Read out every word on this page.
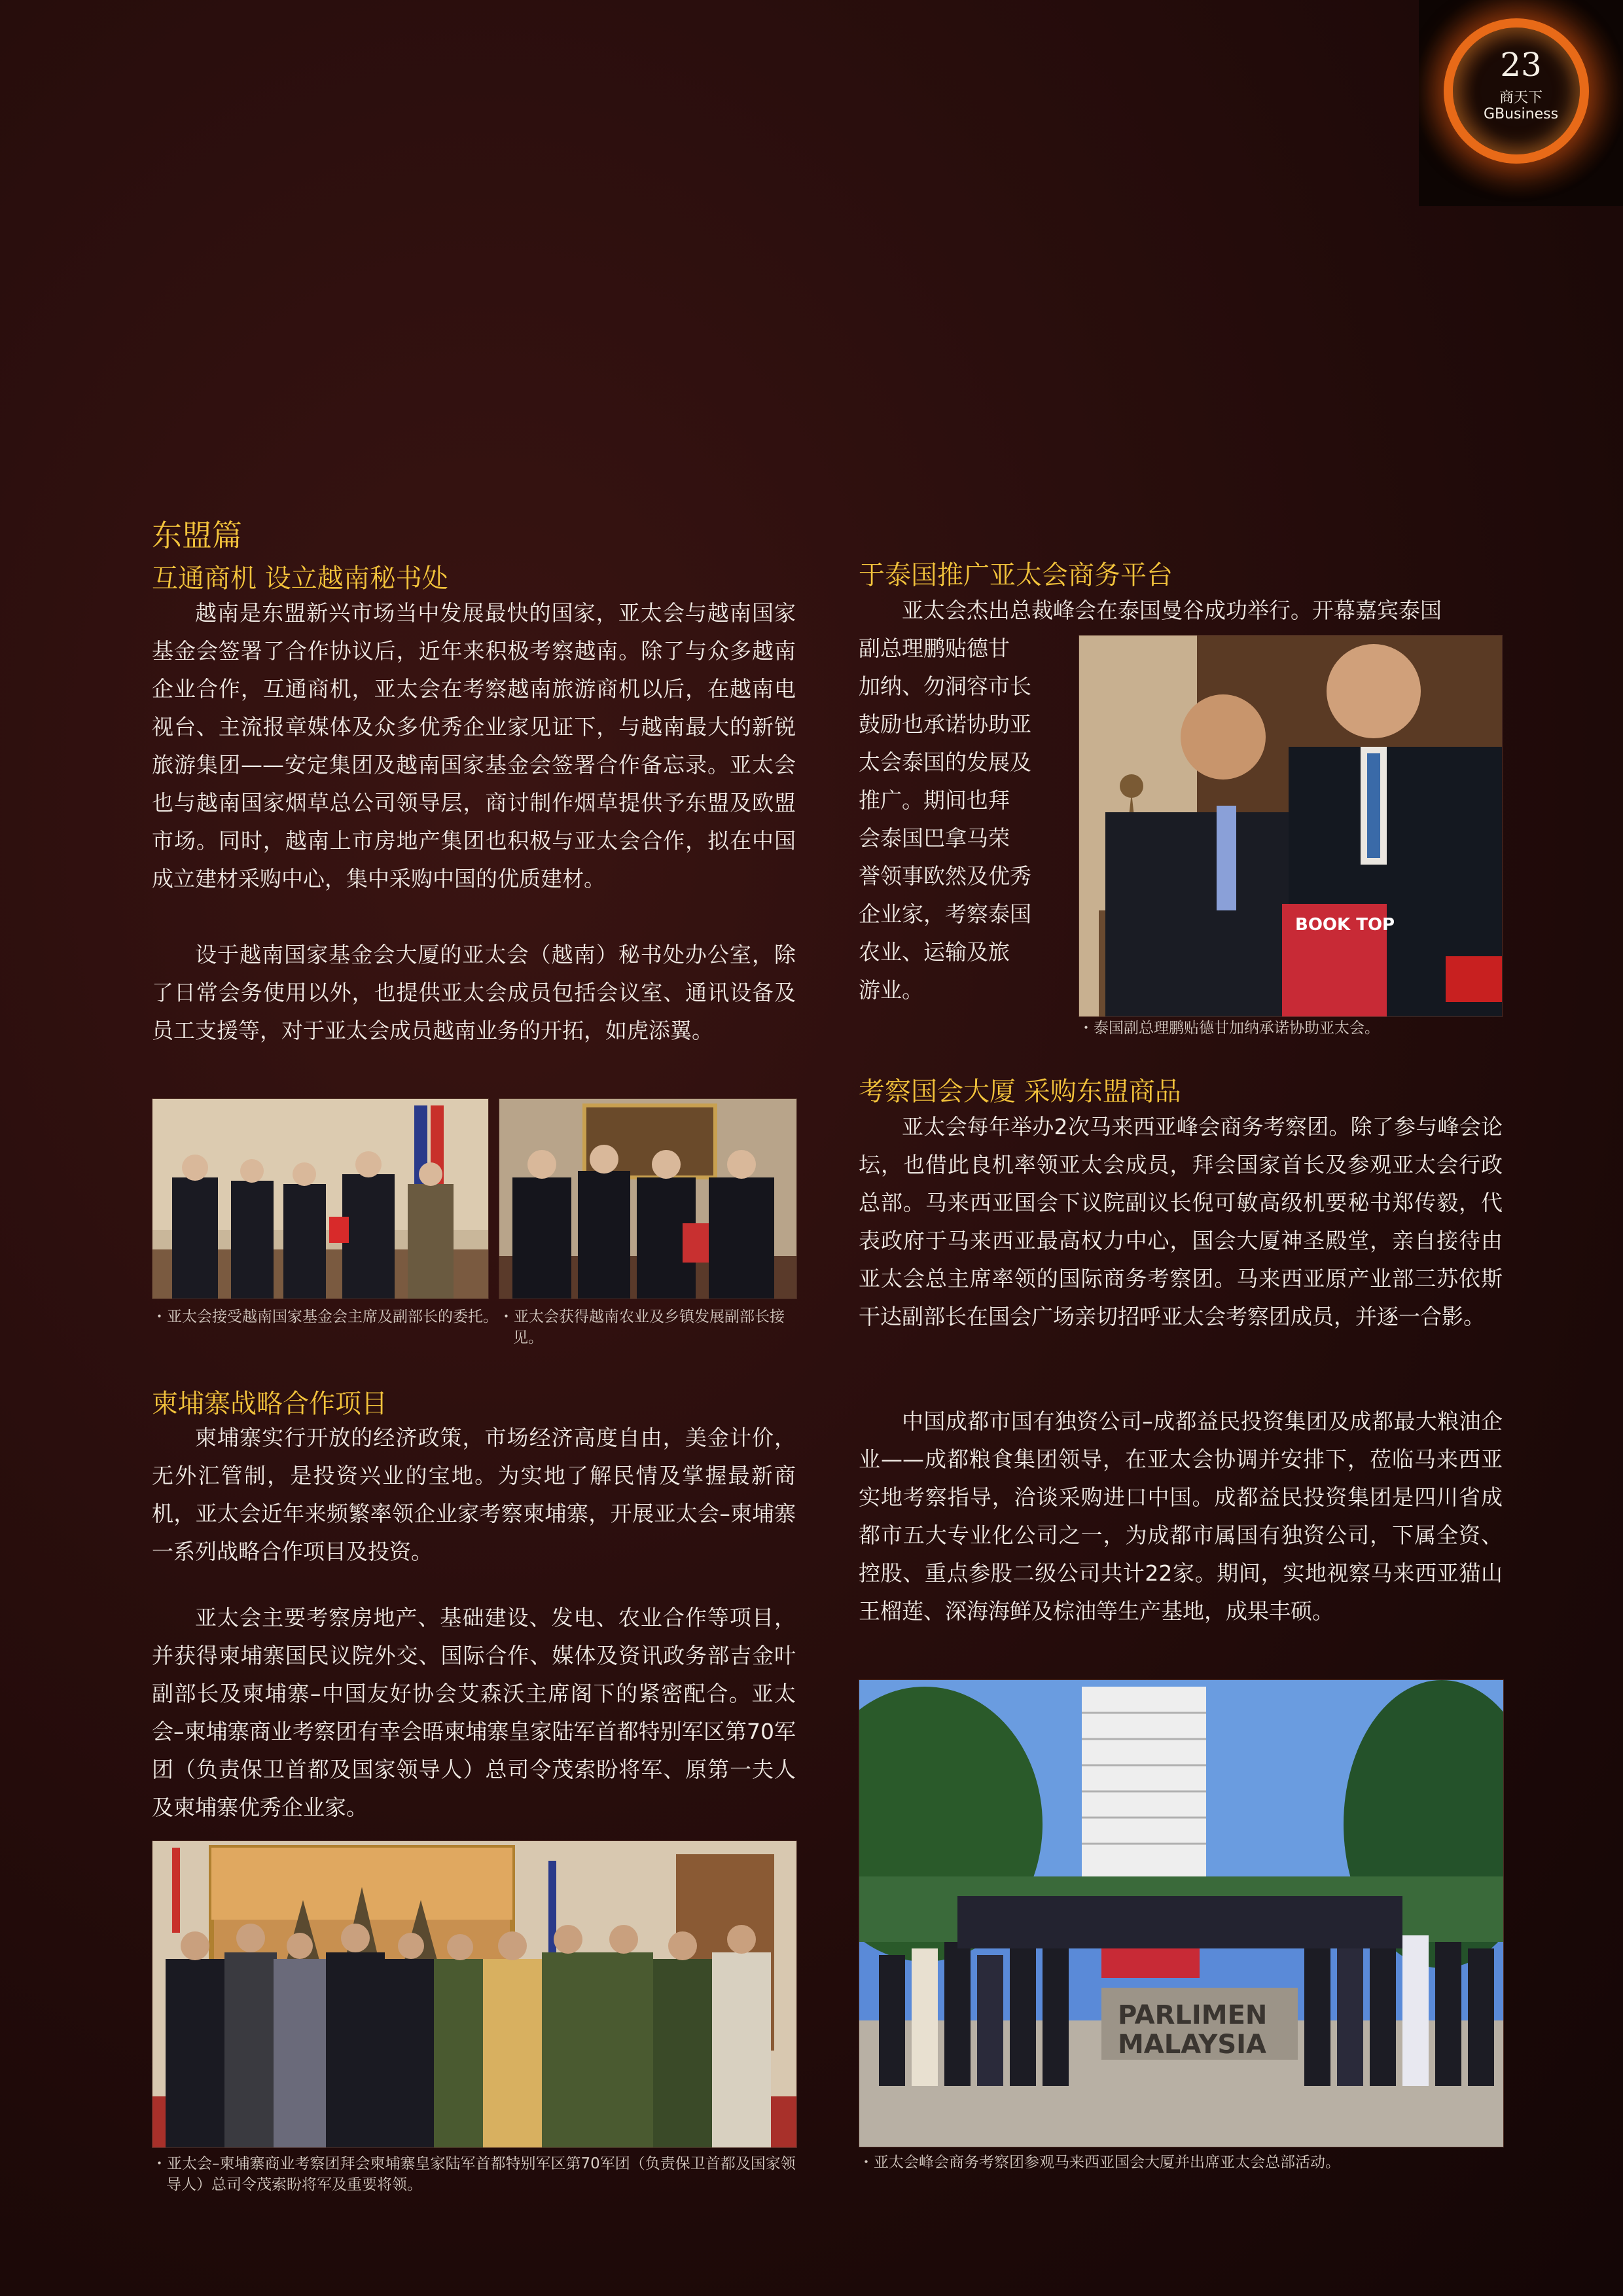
23
商天下
GBusiness
东盟篇
互通商机 设立越南秘书处

越南是东盟新兴市场当中发展最快的国家，亚太会与越南国家基金会签署了合作协议后，近年来积极考察越南。除了与众多越南企业合作，互通商机，亚太会在考察越南旅游商机以后，在越南电视台、主流报章媒体及众多优秀企业家见证下，与越南最大的新锐旅游集团——安定集团及越南国家基金会签署合作备忘录。亚太会也与越南国家烟草总公司领导层，商讨制作烟草提供予东盟及欧盟市场。同时，越南上市房地产集团也积极与亚太会合作，拟在中国成立建材采购中心，集中采购中国的优质建材。

设于越南国家基金会大厦的亚太会（越南）秘书处办公室，除了日常会务使用以外，也提供亚太会成员包括会议室、通讯设备及员工支援等，对于亚太会成员越南业务的开拓，如虎添翼。

・亚太会接受越南国家基金会主席及副部长的委托。 ・亚太会获得越南农业及乡镇发展副部长接见。
柬埔寨战略合作项目

柬埔寨实行开放的经济政策，市场经济高度自由，美金计价，无外汇管制，是投资兴业的宝地。为实地了解民情及掌握最新商机，亚太会近年来频繁率领企业家考察柬埔寨，开展亚太会–柬埔寨一系列战略合作项目及投资。

亚太会主要考察房地产、基础建设、发电、农业合作等项目，并获得柬埔寨国民议院外交、国际合作、媒体及资讯政务部吉金叶副部长及柬埔寨–中国友好协会艾森沃主席阁下的紧密配合。亚太会–柬埔寨商业考察团有幸会晤柬埔寨皇家陆军首都特别军区第70军团（负责保卫首都及国家领导人）总司令茂索盼将军、原第一夫人及柬埔寨优秀企业家。

・亚太会–柬埔寨商业考察团拜会柬埔寨皇家陆军首都特别军区第70军团（负责保卫首都及国家领导人）总司令茂索盼将军及重要将领。
于泰国推广亚太会商务平台

亚太会杰出总裁峰会在泰国曼谷成功举行。开幕嘉宾泰国

副总理鹏贴德甘
加纳、勿洞容市长
鼓励也承诺协助亚
太会泰国的发展及
推广。期间也拜
会泰国巴拿马荣
誉领事欧然及优秀
企业家，考察泰国
农业、运输及旅
游业。
BOOK TOP
・泰国副总理鹏贴德甘加纳承诺协助亚太会。
考察国会大厦 采购东盟商品

亚太会每年举办2次马来西亚峰会商务考察团。除了参与峰会论坛，也借此良机率领亚太会成员，拜会国家首长及参观亚太会行政总部。马来西亚国会下议院副议长倪可敏高级机要秘书郑传毅，代表政府于马来西亚最高权力中心，国会大厦神圣殿堂，亲自接待由亚太会总主席率领的国际商务考察团。马来西亚原产业部三苏依斯干达副部长在国会广场亲切招呼亚太会考察团成员，并逐一合影。

中国成都市国有独资公司–成都益民投资集团及成都最大粮油企业——成都粮食集团领导，在亚太会协调并安排下，莅临马来西亚实地考察指导，洽谈采购进口中国。成都益民投资集团是四川省成都市五大专业化公司之一，为成都市属国有独资公司，下属全资、控股、重点参股二级公司共计22家。期间，实地视察马来西亚猫山王榴莲、深海海鲜及棕油等生产基地，成果丰硕。

PARLIMEN
MALAYSIA
・亚太会峰会商务考察团参观马来西亚国会大厦并出席亚太会总部活动。
